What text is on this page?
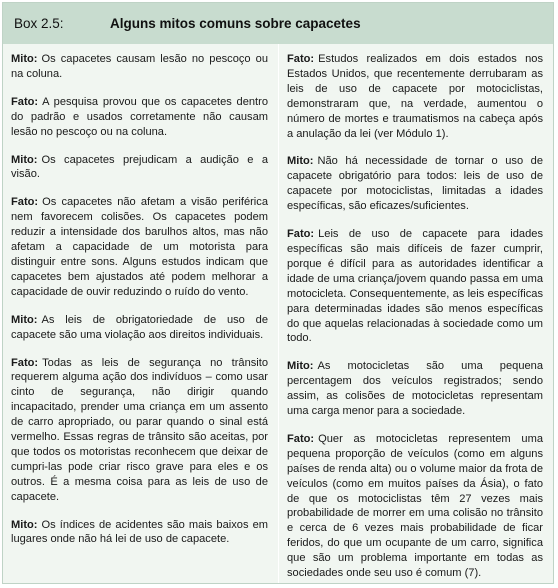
Box 2.5:	Alguns mitos comuns sobre capacetes

Mito: Os capacetes causam lesão no pescoço ou na coluna.

Fato: A pesquisa provou que os capacetes dentro do padrão e usados corretamente não causam lesão no pescoço ou na coluna.

Mito: Os capacetes prejudicam a audição e a visão.

Fato: Os capacetes não afetam a visão periférica nem favorecem colisões. Os capacetes podem reduzir a intensidade dos barulhos altos, mas não afetam a capacidade de um motorista para distinguir entre sons. Alguns estudos indicam que capacetes bem ajustados até podem melhorar a capacidade de ouvir reduzindo o ruído do vento.

Mito: As leis de obrigatoriedade de uso de capacete são uma violação aos direitos individuais.

Fato: Todas as leis de segurança no trânsito requerem alguma ação dos indivíduos – como usar cinto de segurança, não dirigir quando incapacitado, prender uma criança em um assento de carro apropriado, ou parar quando o sinal está vermelho. Essas regras de trânsito são aceitas, por que todos os motoristas reconhecem que deixar de cumpri-las pode criar risco grave para eles e os outros. É a mesma coisa para as leis de uso de capacete.

Mito: Os índices de acidentes são mais baixos em lugares onde não há lei de uso de capacete.

Fato: Estudos realizados em dois estados nos Estados Unidos, que recentemente derrubaram as leis de uso de capacete por motociclistas, demonstraram que, na verdade, aumentou o número de mortes e traumatismos na cabeça após a anulação da lei (ver Módulo 1).

Mito: Não há necessidade de tornar o uso de capacete obrigatório para todos: leis de uso de capacete por motociclistas, limitadas a idades específicas, são eficazes/suficientes.

Fato: Leis de uso de capacete para idades específicas são mais difíceis de fazer cumprir, porque é difícil para as autoridades identificar a idade de uma criança/jovem quando passa em uma motocicleta. Consequentemente, as leis específicas para determinadas idades são menos específicas do que aquelas relacionadas à sociedade como um todo.

Mito: As motocicletas são uma pequena percentagem dos veículos registrados; sendo assim, as colisões de motocicletas representam uma carga menor para a sociedade.

Fato: Quer as motocicletas representem uma pequena proporção de veículos (como em alguns países de renda alta) ou o volume maior da frota de veículos (como em muitos países da Ásia), o fato de que os motociclistas têm 27 vezes mais probabilidade de morrer em uma colisão no trânsito e cerca de 6 vezes mais probabilidade de ficar feridos, do que um ocupante de um carro, significa que são um problema importante em todas as sociedades onde seu uso é comum (7).
